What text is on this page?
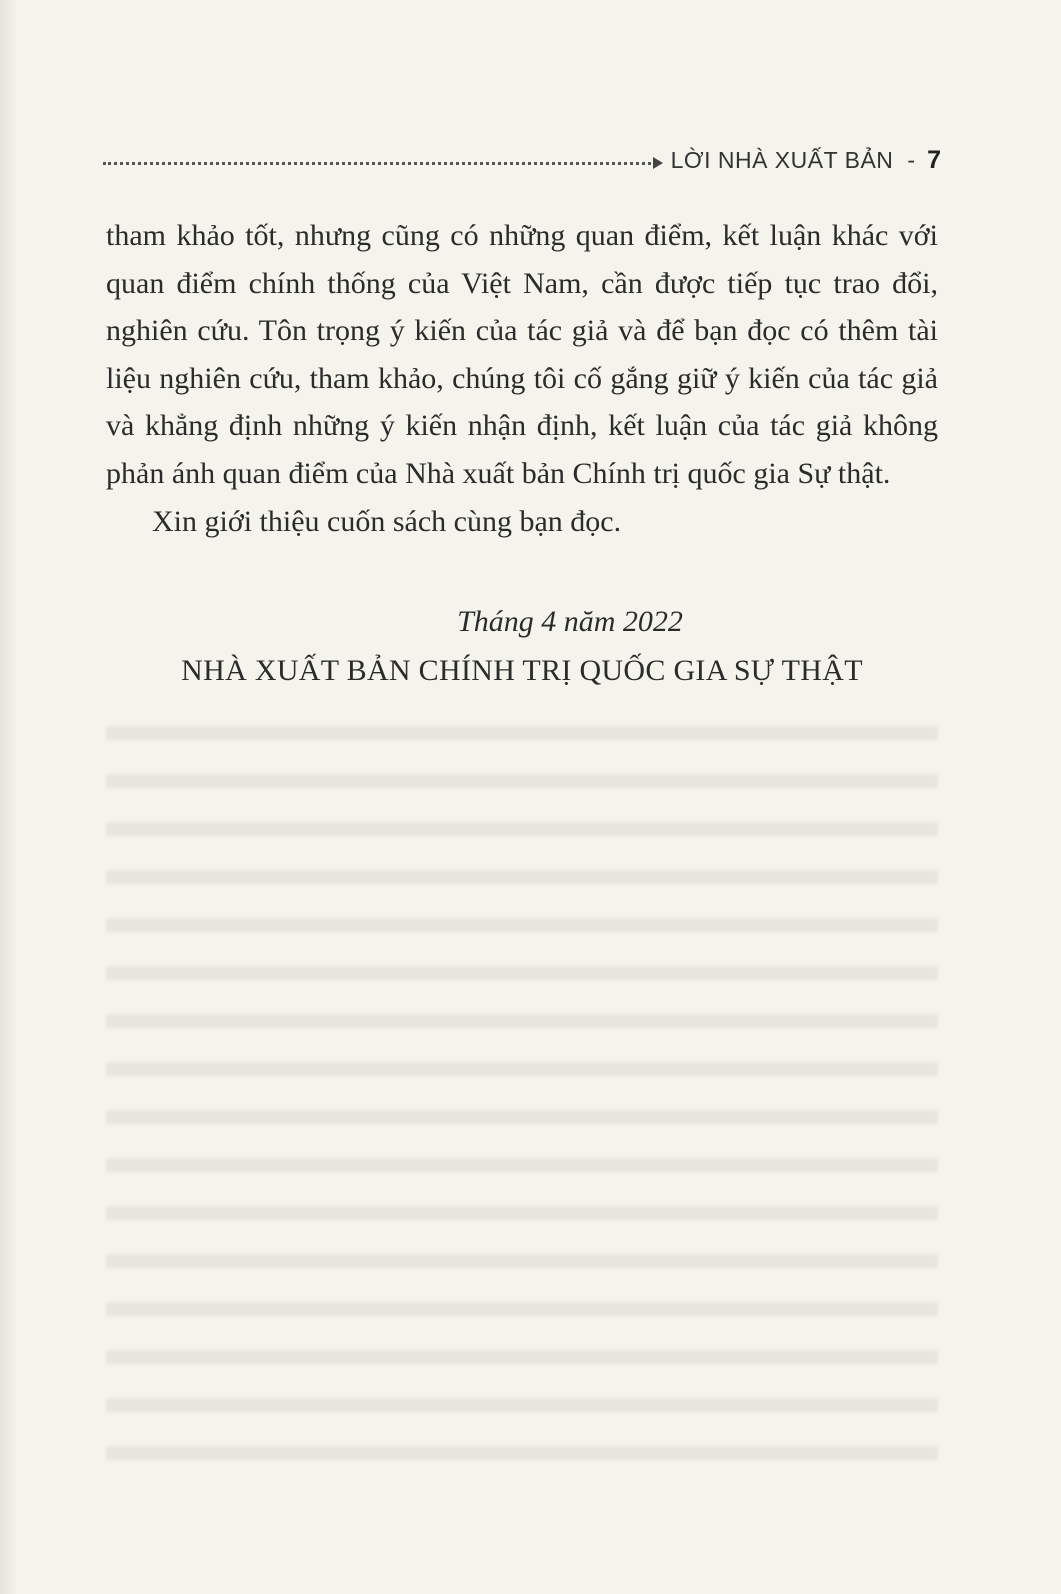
LỜI NHÀ XUẤT BẢN - 7

tham khảo tốt, nhưng cũng có những quan điểm, kết luận khác với quan điểm chính thống của Việt Nam, cần được tiếp tục trao đổi, nghiên cứu. Tôn trọng ý kiến của tác giả và để bạn đọc có thêm tài liệu nghiên cứu, tham khảo, chúng tôi cố gắng giữ ý kiến của tác giả và khẳng định những ý kiến nhận định, kết luận của tác giả không phản ánh quan điểm của Nhà xuất bản Chính trị quốc gia Sự thật.

Xin giới thiệu cuốn sách cùng bạn đọc.

Tháng 4 năm 2022
NHÀ XUẤT BẢN CHÍNH TRỊ QUỐC GIA SỰ THẬT
